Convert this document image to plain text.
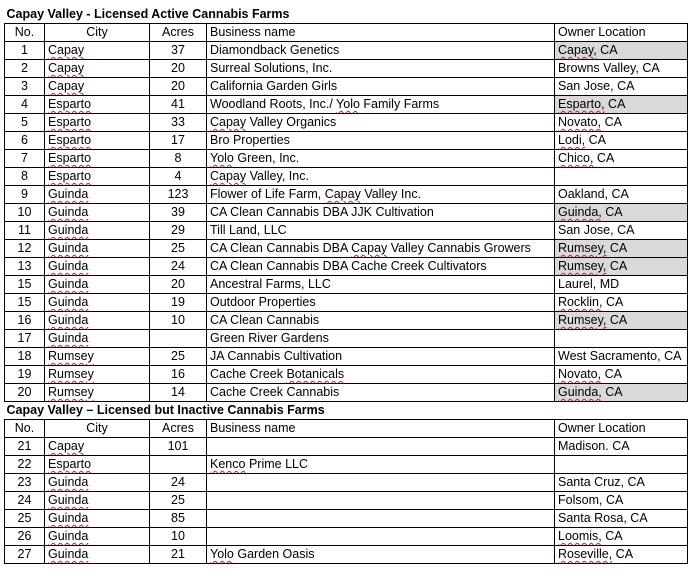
Capay Valley - Licensed Active Cannabis Farms				
No.	City	Acres	Business name	Owner Location
1	Capay	37	Diamondback Genetics	Capay, CA
2	Capay	20	Surreal Solutions, Inc.	Browns Valley, CA
3	Capay	20	California Garden Girls	San Jose, CA
4	Esparto	41	Woodland Roots, Inc./ Yolo Family Farms	Esparto, CA
5	Esparto	33	Capay Valley Organics	Novato, CA
6	Esparto	17	Bro Properties	Lodi, CA
7	Esparto	8	Yolo Green, Inc.	Chico, CA
8	Esparto	4	Capay Valley, Inc.	
9	Guinda	123	Flower of Life Farm, Capay Valley Inc.	Oakland, CA
10	Guinda	39	CA Clean Cannabis DBA JJK Cultivation	Guinda, CA
11	Guinda	29	Till Land, LLC	San Jose, CA
12	Guinda	25	CA Clean Cannabis DBA Capay Valley Cannabis Growers	Rumsey, CA
13	Guinda	24	CA Clean Cannabis DBA Cache Creek Cultivators	Rumsey, CA
15	Guinda	20	Ancestral Farms, LLC	Laurel, MD
15	Guinda	19	Outdoor Properties	Rocklin, CA
16	Guinda	10	CA Clean Cannabis	Rumsey, CA
17	Guinda		Green River Gardens	
18	Rumsey	25	JA Cannabis Cultivation	West Sacramento, CA
19	Rumsey	16	Cache Creek Botanicals	Novato, CA
20	Rumsey	14	Cache Creek Cannabis	Guinda, CA
Capay Valley – Licensed but Inactive Cannabis Farms				
No.	City	Acres	Business name	Owner Location
21	Capay	101		Madison. CA
22	Esparto		Kenco Prime LLC	
23	Guinda	24		Santa Cruz, CA
24	Guinda	25		Folsom, CA
25	Guinda	85		Santa Rosa, CA
26	Guinda	10		Loomis, CA
27	Guinda	21	Yolo Garden Oasis	Roseville, CA
